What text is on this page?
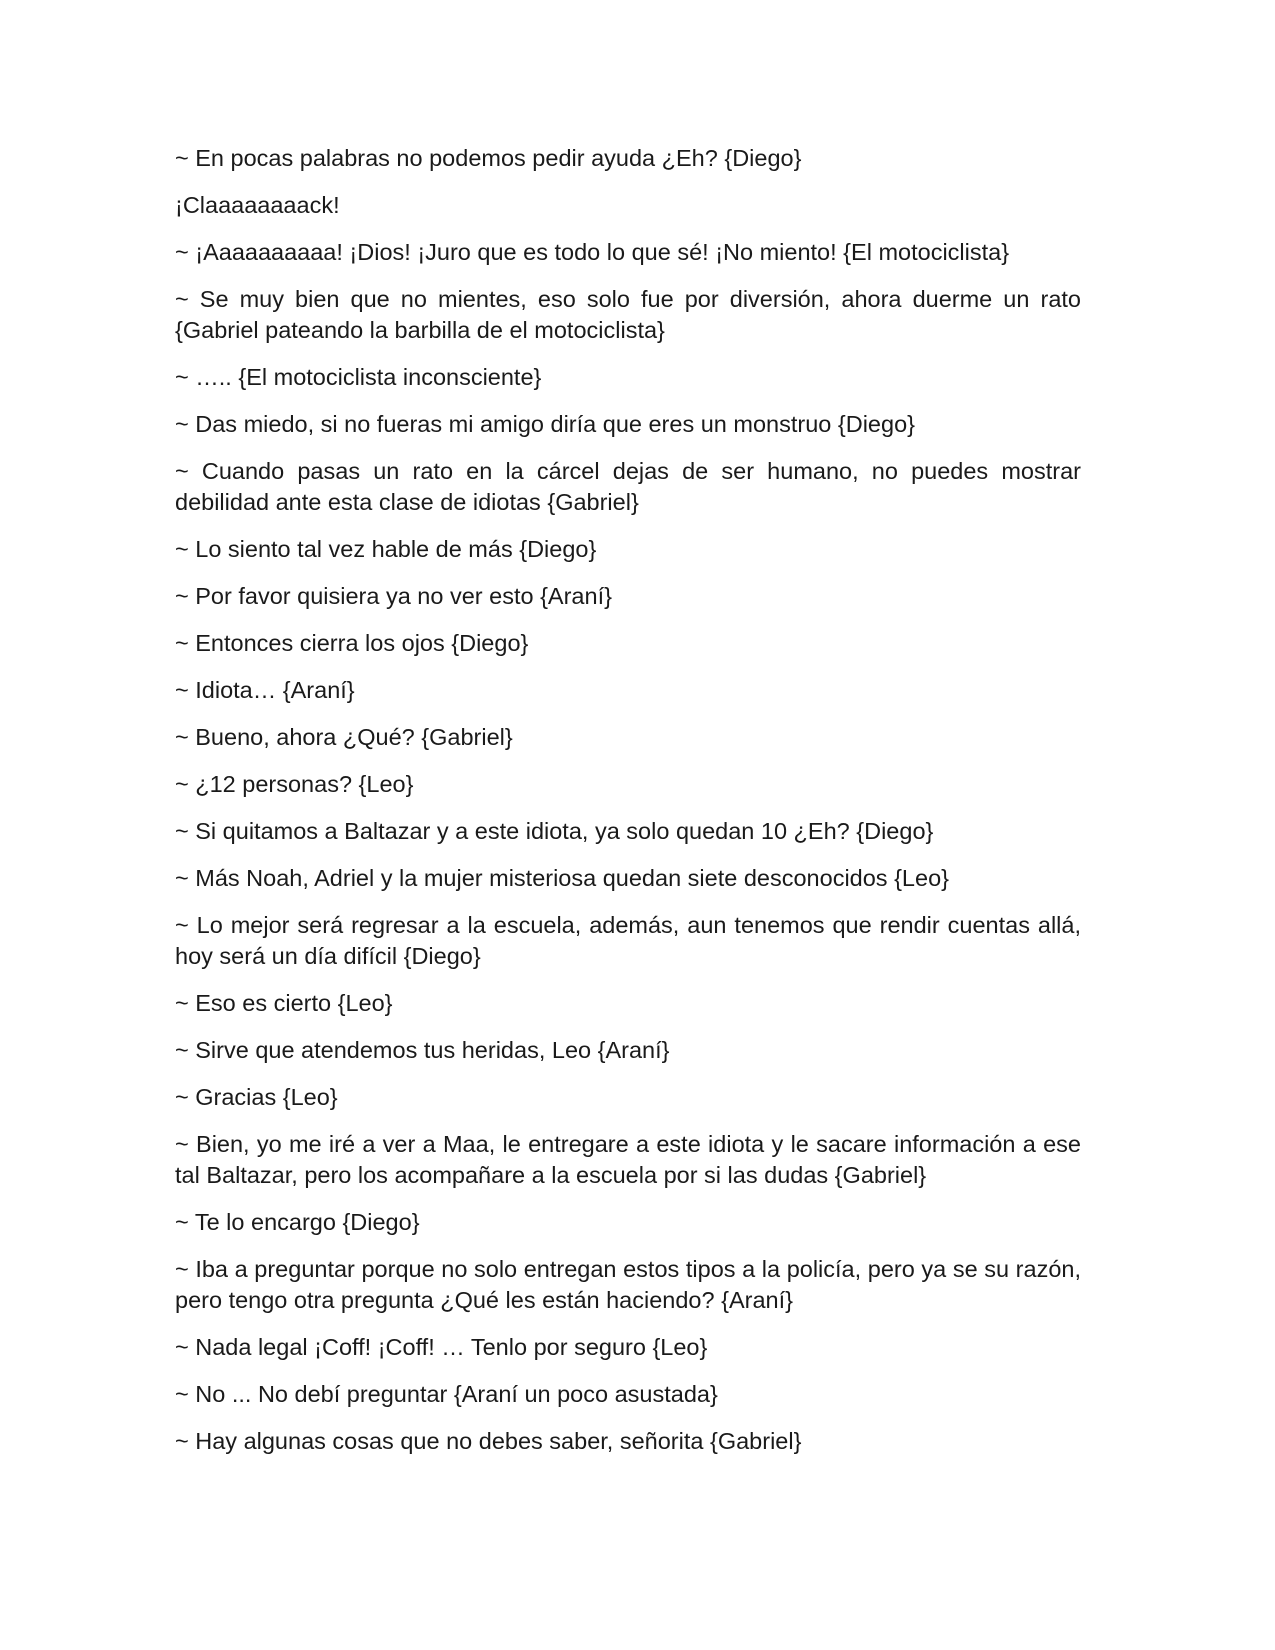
~ En pocas palabras no podemos pedir ayuda ¿Eh? {Diego}

¡Claaaaaaaack!

~ ¡Aaaaaaaaaa! ¡Dios! ¡Juro que es todo lo que sé! ¡No miento! {El motociclista}

~ Se muy bien que no mientes, eso solo fue por diversión, ahora duerme un rato {Gabriel pateando la barbilla de el motociclista}

~ ….. {El motociclista inconsciente}

~ Das miedo, si no fueras mi amigo diría que eres un monstruo {Diego}

~ Cuando pasas un rato en la cárcel dejas de ser humano, no puedes mostrar debilidad ante esta clase de idiotas {Gabriel}

~ Lo siento tal vez hable de más {Diego}

~ Por favor quisiera ya no ver esto {Araní}

~ Entonces cierra los ojos {Diego}

~ Idiota… {Araní}

~ Bueno, ahora ¿Qué? {Gabriel}

~ ¿12 personas? {Leo}

~ Si quitamos a Baltazar y a este idiota, ya solo quedan 10 ¿Eh? {Diego}

~ Más Noah, Adriel y la mujer misteriosa quedan siete desconocidos {Leo}

~ Lo mejor será regresar a la escuela, además, aun tenemos que rendir cuentas allá, hoy será un día difícil {Diego}

~ Eso es cierto {Leo}

~ Sirve que atendemos tus heridas, Leo {Araní}

~ Gracias {Leo}

~ Bien, yo me iré a ver a Maa, le entregare a este idiota y le sacare información a ese tal Baltazar, pero los acompañare a la escuela por si las dudas {Gabriel}

~ Te lo encargo {Diego}

~ Iba a preguntar porque no solo entregan estos tipos a la policía, pero ya se su razón, pero tengo otra pregunta ¿Qué les están haciendo? {Araní}

~ Nada legal ¡Coff! ¡Coff! … Tenlo por seguro {Leo}

~ No ... No debí preguntar {Araní un poco asustada}

~ Hay algunas cosas que no debes saber, señorita {Gabriel}
